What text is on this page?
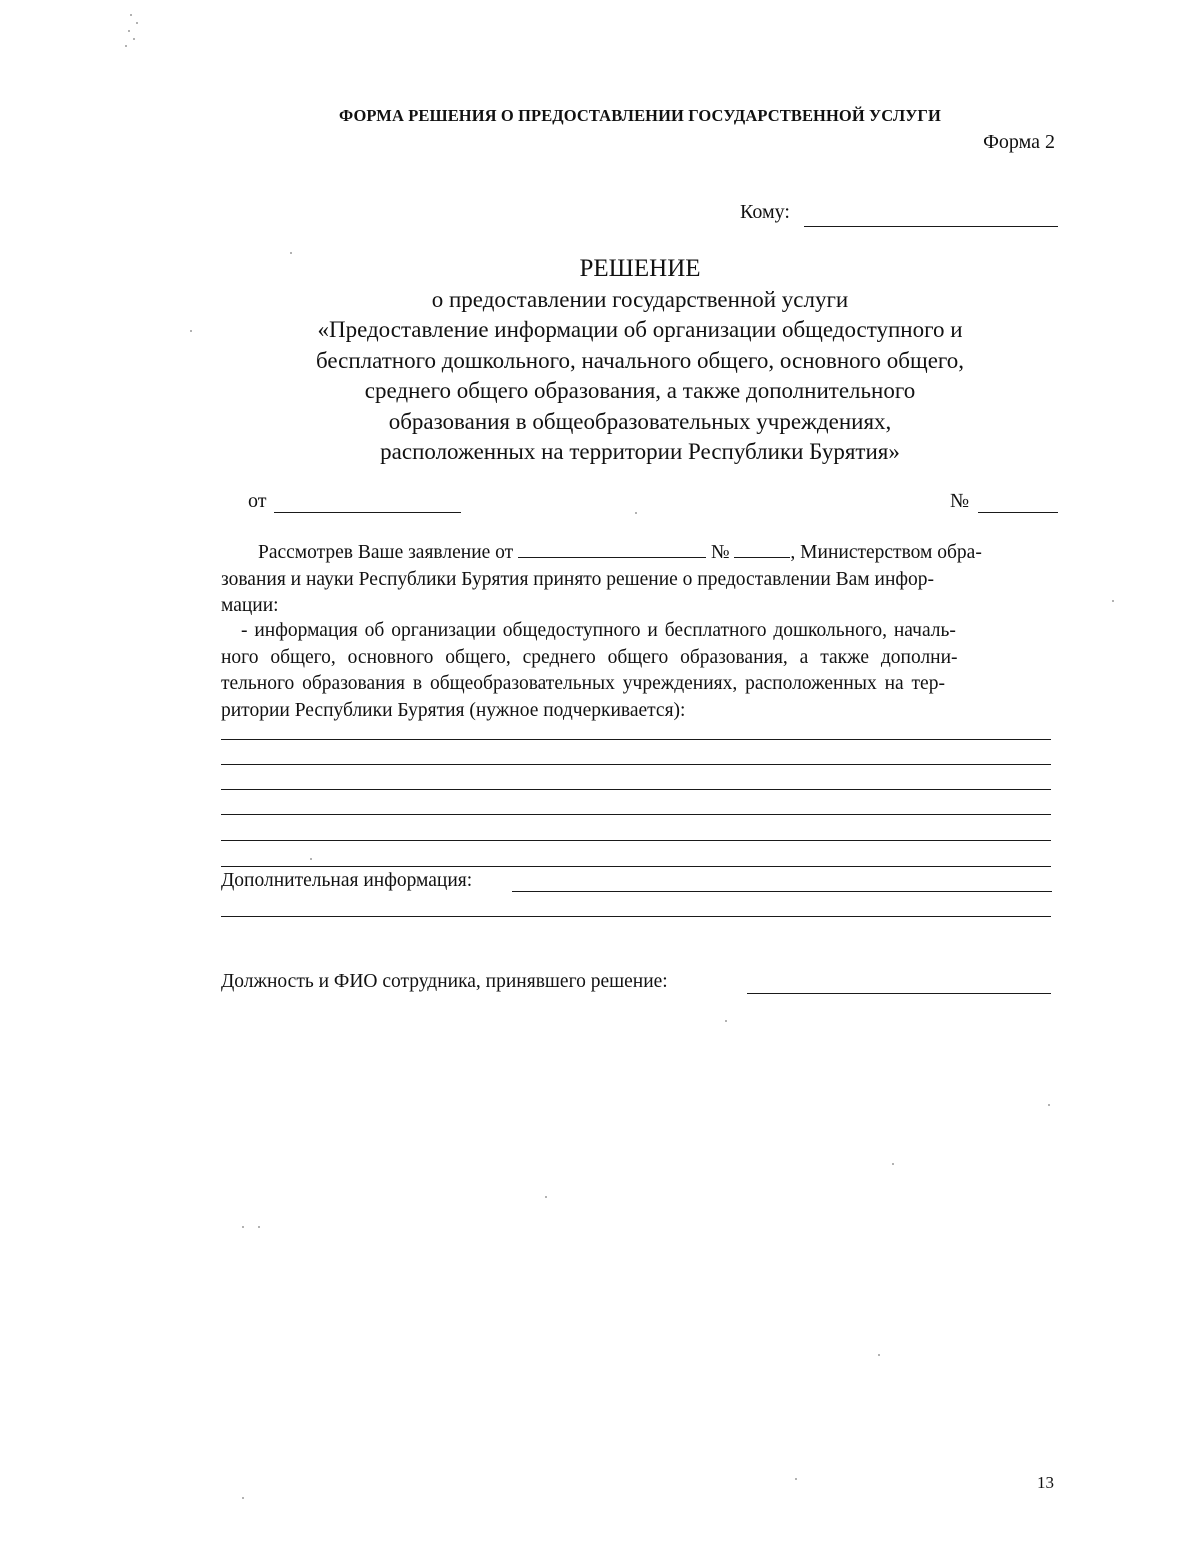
ФОРМА РЕШЕНИЯ О ПРЕДОСТАВЛЕНИИ ГОСУДАРСТВЕННОЙ УСЛУГИ
Форма 2
Кому:
РЕШЕНИЕ
о предоставлении государственной услуги
«Предоставление информации об организации общедоступного и
бесплатного дошкольного, начального общего, основного общего,
среднего общего образования, а также дополнительного
образования в общеобразовательных учреждениях,
расположенных на территории Республики Бурятия»
от	№
Рассмотрев Ваше заявление от	№	, Министерством обра-
зования и науки Республики Бурятия принято решение о предоставлении Вам инфор-
мации:
- информация об организации общедоступного и бесплатного дошкольного, началь-
ного общего, основного общего, среднего общего образования, а также дополни-
тельного образования в общеобразовательных учреждениях, расположенных на тер-
ритории Республики Бурятия (нужное подчеркивается):
Дополнительная информация:
Должность и ФИО сотрудника, принявшего решение:
13
